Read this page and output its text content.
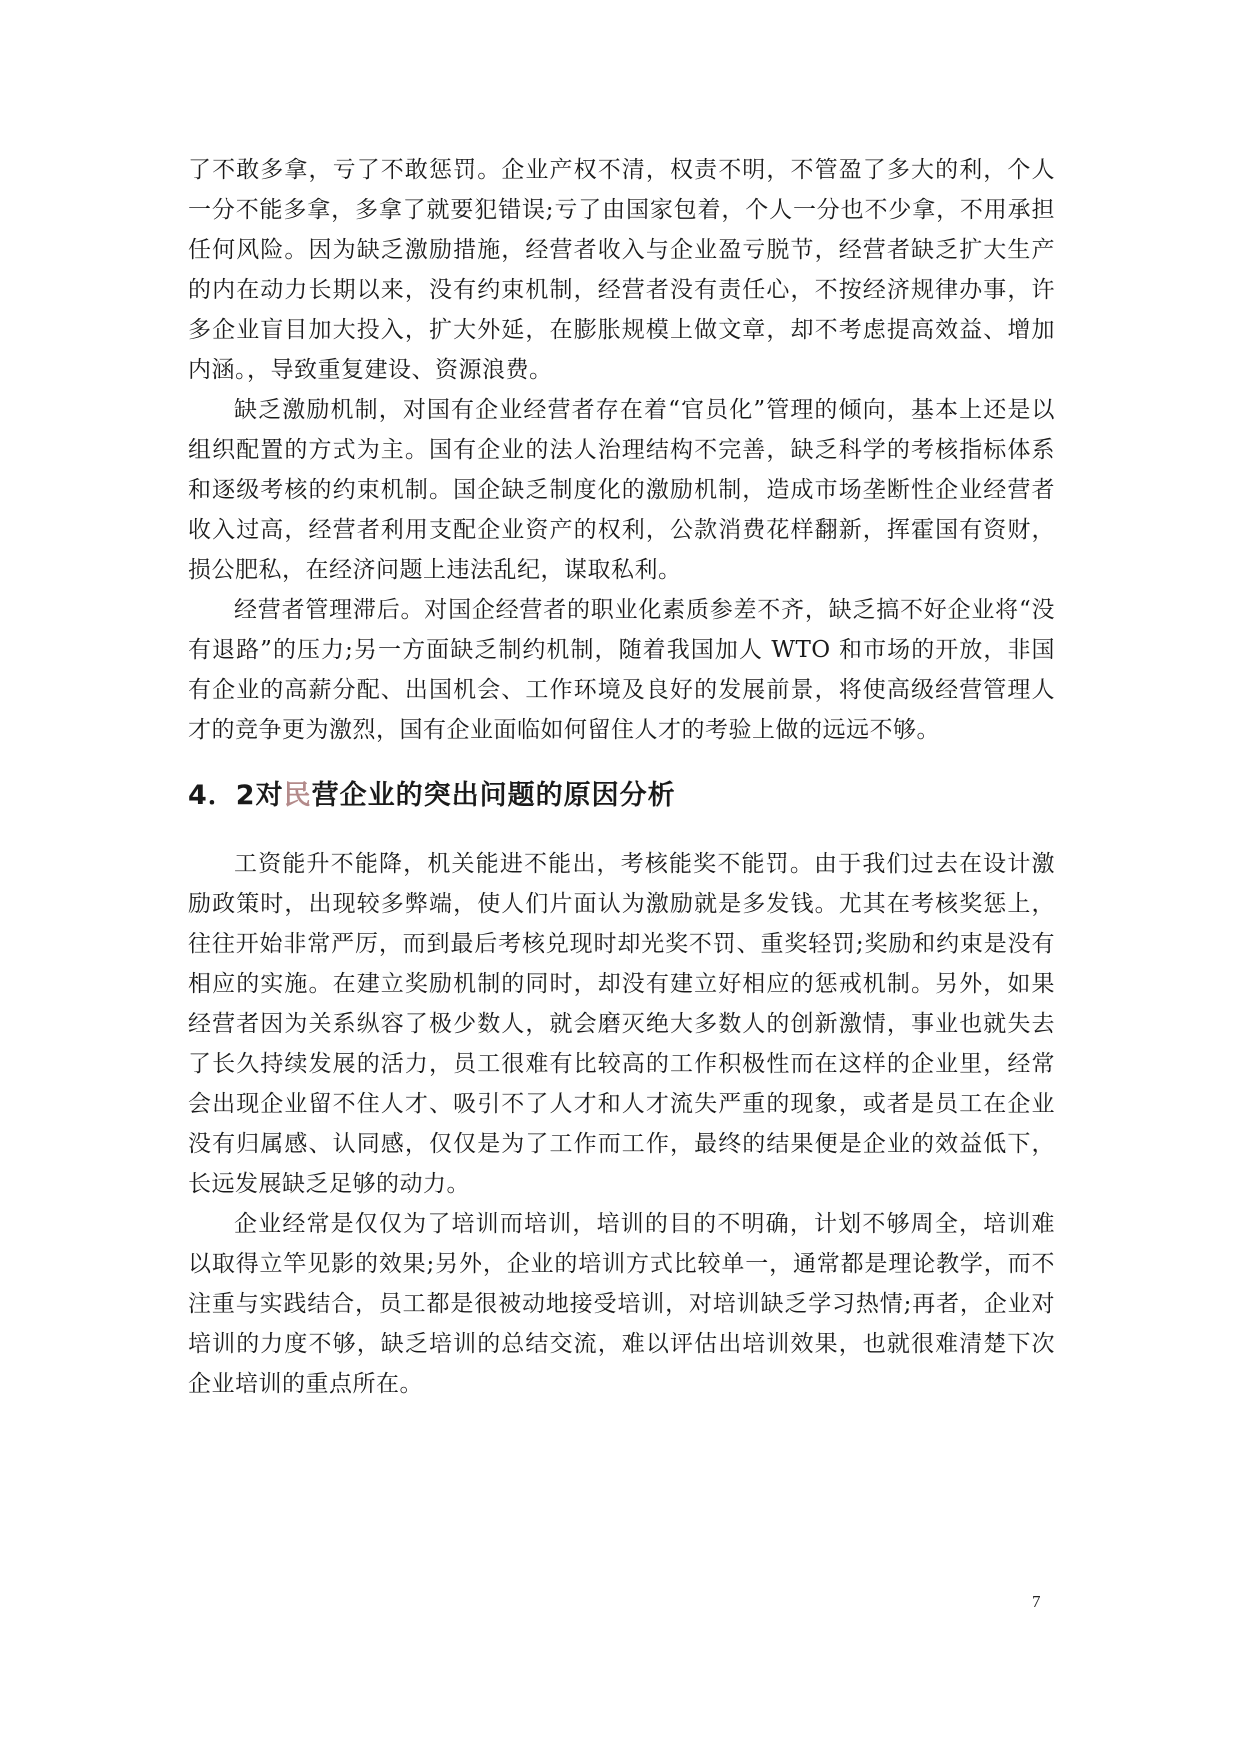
了不敢多拿，亏了不敢惩罚。企业产权不清，权责不明，不管盈了多大的利，个人一分不能多拿，多拿了就要犯错误;亏了由国家包着，个人一分也不少拿，不用承担任何风险。因为缺乏激励措施，经营者收入与企业盈亏脱节，经营者缺乏扩大生产的内在动力长期以来，没有约束机制，经营者没有责任心，不按经济规律办事，许多企业盲目加大投入，扩大外延，在膨胀规模上做文章，却不考虑提高效益、增加内涵。，导致重复建设、资源浪费。

缺乏激励机制，对国有企业经营者存在着“官员化”管理的倾向，基本上还是以组织配置的方式为主。国有企业的法人治理结构不完善，缺乏科学的考核指标体系和逐级考核的约束机制。国企缺乏制度化的激励机制，造成市场垄断性企业经营者收入过高，经营者利用支配企业资产的权利，公款消费花样翻新，挥霍国有资财，损公肥私，在经济问题上违法乱纪，谋取私利。

经营者管理滞后。对国企经营者的职业化素质参差不齐，缺乏搞不好企业将“没有退路”的压力;另一方面缺乏制约机制，随着我国加人 WTO 和市场的开放，非国有企业的高薪分配、出国机会、工作环境及良好的发展前景，将使高级经营管理人才的竞争更为激烈，国有企业面临如何留住人才的考验上做的远远不够。

4．2对民营企业的突出问题的原因分析

工资能升不能降，机关能进不能出，考核能奖不能罚。由于我们过去在设计激励政策时，出现较多弊端，使人们片面认为激励就是多发钱。尤其在考核奖惩上，往往开始非常严厉，而到最后考核兑现时却光奖不罚、重奖轻罚;奖励和约束是没有相应的实施。在建立奖励机制的同时，却没有建立好相应的惩戒机制。另外，如果经营者因为关系纵容了极少数人，就会磨灭绝大多数人的创新激情，事业也就失去了长久持续发展的活力，员工很难有比较高的工作积极性而在这样的企业里，经常会出现企业留不住人才、吸引不了人才和人才流失严重的现象，或者是员工在企业没有归属感、认同感，仅仅是为了工作而工作，最终的结果便是企业的效益低下，长远发展缺乏足够的动力。

企业经常是仅仅为了培训而培训，培训的目的不明确，计划不够周全，培训难以取得立竿见影的效果;另外，企业的培训方式比较单一，通常都是理论教学，而不注重与实践结合，员工都是很被动地接受培训，对培训缺乏学习热情;再者，企业对培训的力度不够，缺乏培训的总结交流，难以评估出培训效果，也就很难清楚下次企业培训的重点所在。

7
